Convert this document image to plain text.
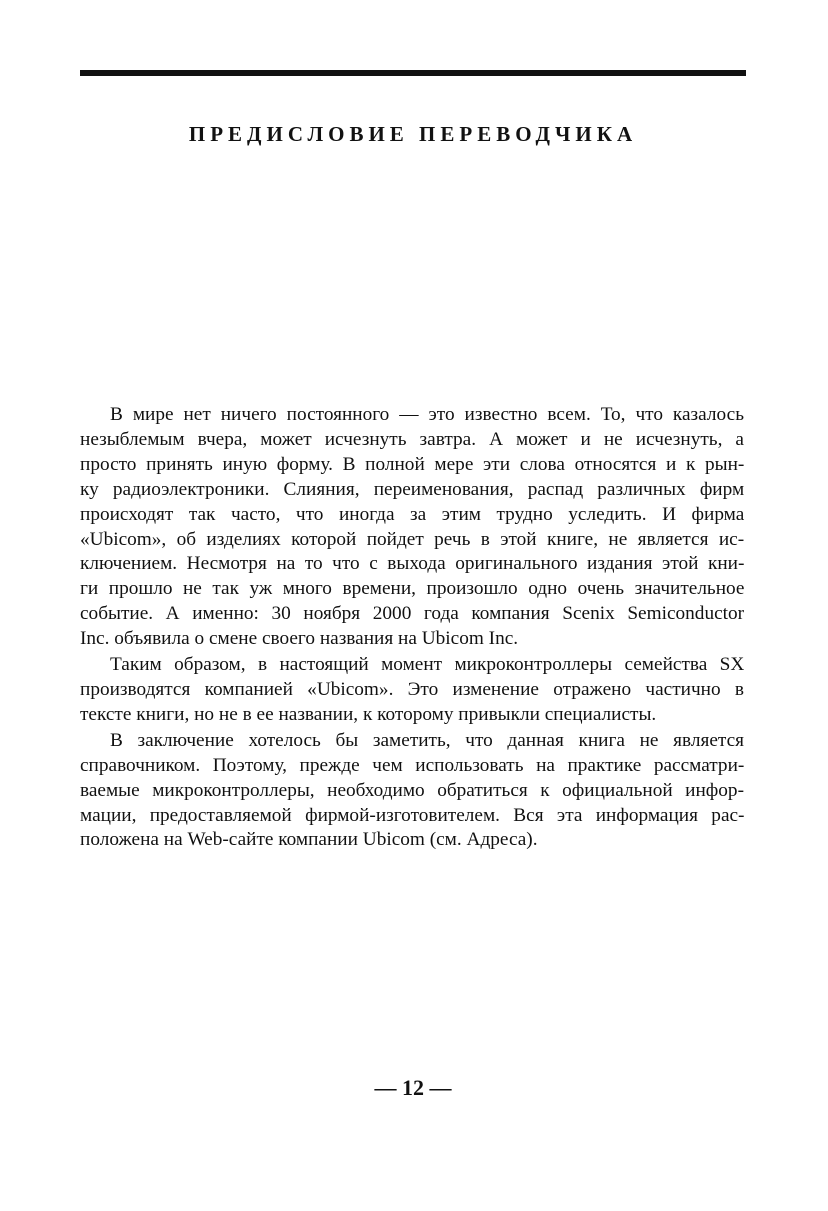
ПРЕДИСЛОВИЕ ПЕРЕВОДЧИКА
В мире нет ничего постоянного — это известно всем. То, что казалось
незыблемым вчера, может исчезнуть завтра. А может и не исчезнуть, а
просто принять иную форму. В полной мере эти слова относятся и к рын-
ку радиоэлектроники. Слияния, переименования, распад различных фирм
происходят так часто, что иногда за этим трудно уследить. И фирма
«Ubicom», об изделиях которой пойдет речь в этой книге, не является ис-
ключением. Несмотря на то что с выхода оригинального издания этой кни-
ги прошло не так уж много времени, произошло одно очень значительное
событие. А именно: 30 ноября 2000 года компания Scenix Semiconductor
Inc. объявила о смене своего названия на Ubicom Inc.
Таким образом, в настоящий момент микроконтроллеры семейства SX
производятся компанией «Ubicom». Это изменение отражено частично в
тексте книги, но не в ее названии, к которому привыкли специалисты.
В заключение хотелось бы заметить, что данная книга не является
справочником. Поэтому, прежде чем использовать на практике рассматри-
ваемые микроконтроллеры, необходимо обратиться к официальной инфор-
мации, предоставляемой фирмой-изготовителем. Вся эта информация рас-
положена на Web-сайте компании Ubicom (см. Адреса).
— 12 —
